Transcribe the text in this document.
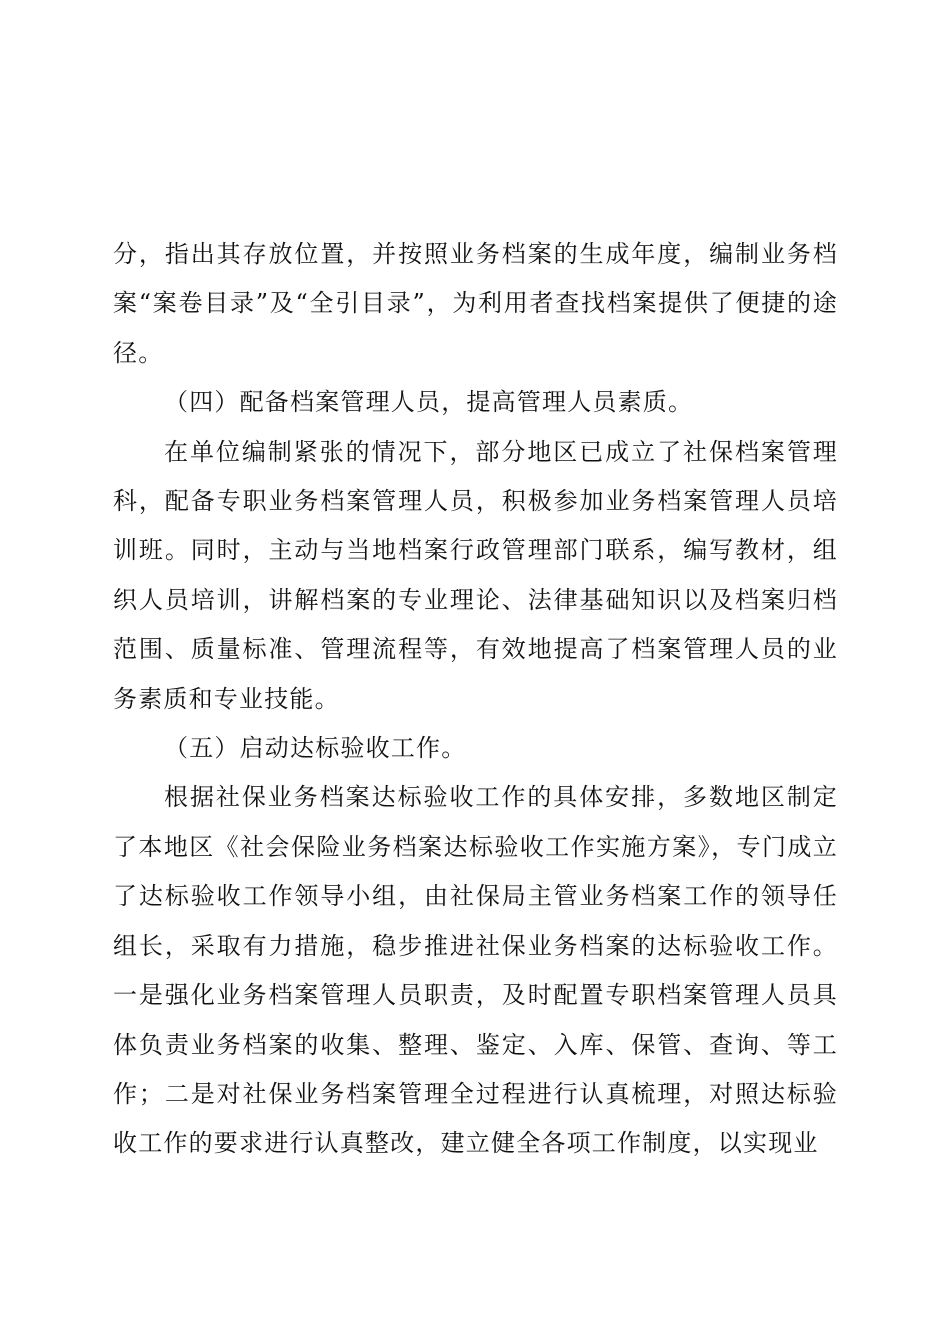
分，指出其存放位置，并按照业务档案的生成年度，编制业务档案“案卷目录”及“全引目录”，为利用者查找档案提供了便捷的途径。

（四）配备档案管理人员，提高管理人员素质。

在单位编制紧张的情况下，部分地区已成立了社保档案管理科，配备专职业务档案管理人员，积极参加业务档案管理人员培训班。同时，主动与当地档案行政管理部门联系，编写教材，组织人员培训，讲解档案的专业理论、法律基础知识以及档案归档范围、质量标准、管理流程等，有效地提高了档案管理人员的业务素质和专业技能。

（五）启动达标验收工作。

根据社保业务档案达标验收工作的具体安排，多数地区制定了本地区《社会保险业务档案达标验收工作实施方案》，专门成立了达标验收工作领导小组，由社保局主管业务档案工作的领导任组长，采取有力措施，稳步推进社保业务档案的达标验收工作。一是强化业务档案管理人员职责，及时配置专职档案管理人员具体负责业务档案的收集、整理、鉴定、入库、保管、查询、等工作；二是对社保业务档案管理全过程进行认真梳理，对照达标验收工作的要求进行认真整改，建立健全各项工作制度，以实现业
